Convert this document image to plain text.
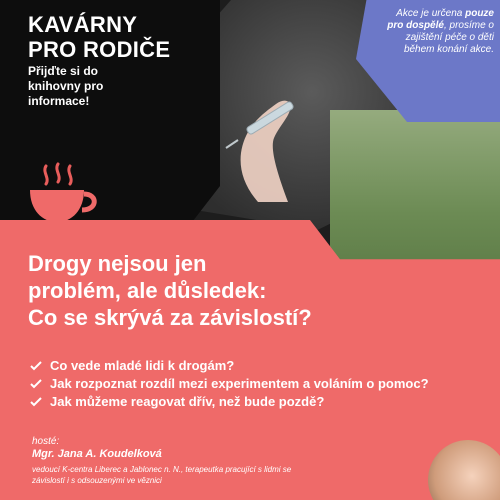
KAVÁRNY
PRO RODIČE
Přijďte si do knihovny pro informace!
Akce je určena pouze pro dospělé, prosíme o zajištění péče o děti během konání akce.
Drogy nejsou jen
problém, ale důsledek:
Co se skrývá za závislostí?
Co vede mladé lidi k drogám?
Jak rozpoznat rozdíl mezi experimentem a voláním o pomoc?
Jak můžeme reagovat dřív, než bude pozdě?
hosté:
Mgr. Jana A. Koudelková
vedoucí K-centra Liberec a Jablonec n. N., terapeutka pracující s lidmi se závislostí i s odsouzenými ve věznici
